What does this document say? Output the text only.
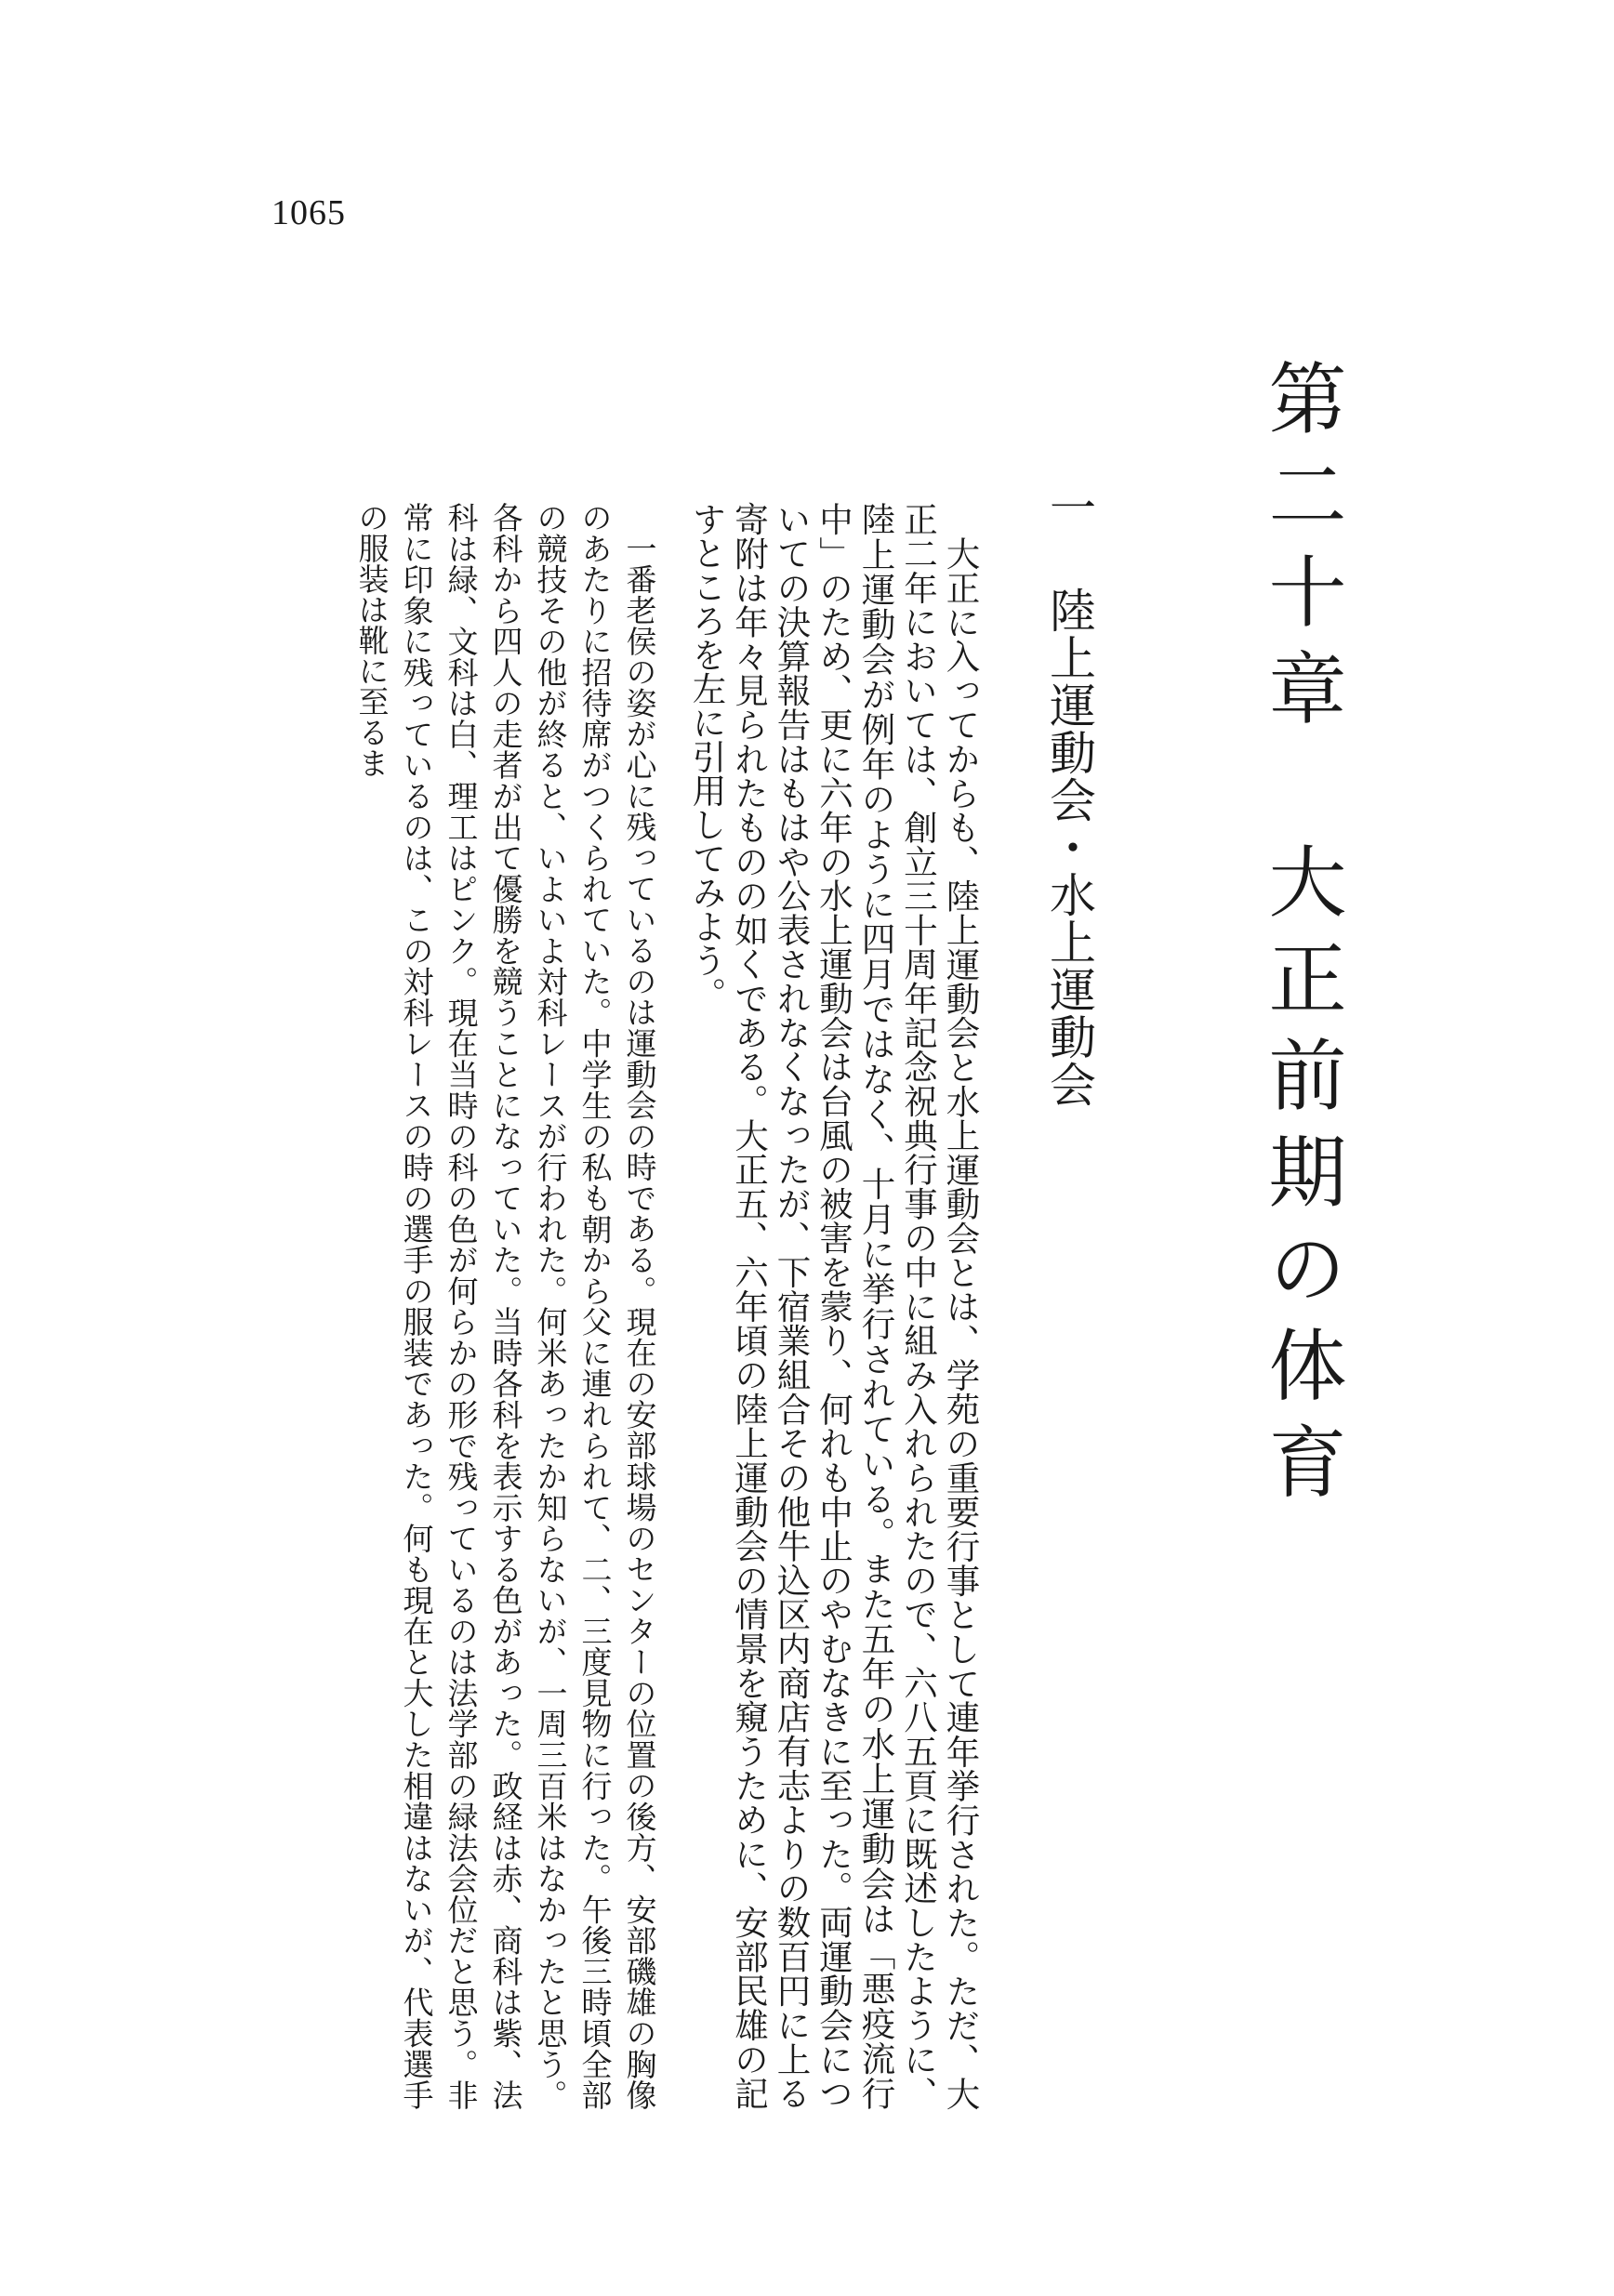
1065
第二十章　大正前期の体育
一陸上運動会・水上運動会

大正に入ってからも、陸上運動会と水上運動会とは、学苑の重要行事として連年挙行された。ただ、大正二年においては、創立三十周年記念祝典行事の中に組み入れられたので、六八五頁に既述したように、陸上運動会が例年のように四月ではなく、十月に挙行されている。また五年の水上運動会は「悪疫流行中」のため、更に六年の水上運動会は台風の被害を蒙り、何れも中止のやむなきに至った。両運動会についての決算報告はもはや公表されなくなったが、下宿業組合その他牛込区内商店有志よりの数百円に上る寄附は年々見られたものの如くである。大正五、六年頃の陸上運動会の情景を窺うために、安部民雄の記すところを左に引用してみよう。

一番老侯の姿が心に残っているのは運動会の時である。現在の安部球場のセンターの位置の後方、安部磯雄の胸像のあたりに招待席がつくられていた。中学生の私も朝から父に連れられて、二、三度見物に行った。午後三時頃全部の競技その他が終ると、いよいよ対科レースが行われた。何米あったか知らないが、一周三百米はなかったと思う。各科から四人の走者が出て優勝を競うことになっていた。当時各科を表示する色があった。政経は赤、商科は紫、法科は緑、文科は白、理工はピンク。現在当時の科の色が何らかの形で残っているのは法学部の緑法会位だと思う。非常に印象に残っているのは、この対科レースの時の選手の服装であった。何も現在と大した相違はないが、代表選手の服装は靴に至るま
